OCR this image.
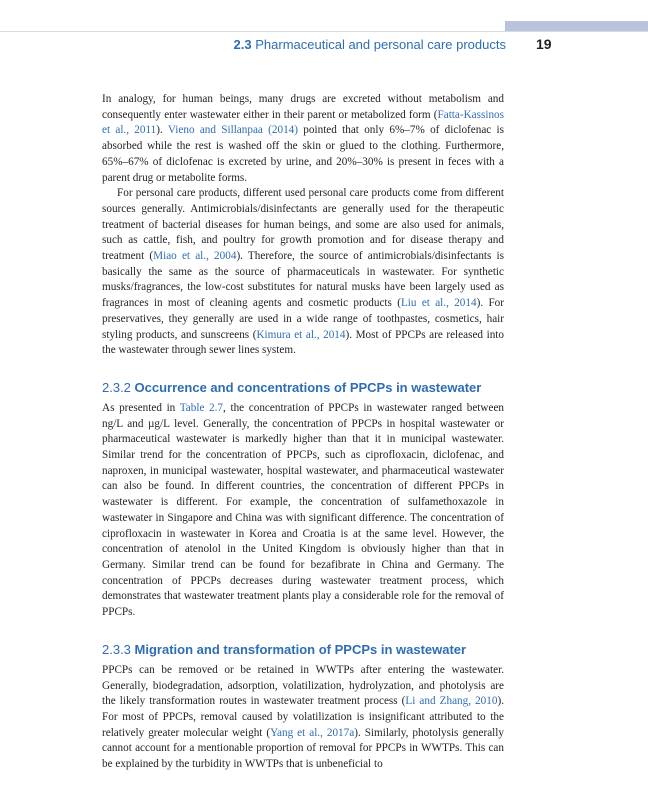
2.3 Pharmaceutical and personal care products 19

In analogy, for human beings, many drugs are excreted without metabolism and consequently enter wastewater either in their parent or metabolized form (Fatta-Kassinos et al., 2011). Vieno and Sillanpaa (2014) pointed that only 6%–7% of diclofenac is absorbed while the rest is washed off the skin or glued to the clothing. Furthermore, 65%–67% of diclofenac is excreted by urine, and 20%–30% is present in feces with a parent drug or metabolite forms.

For personal care products, different used personal care products come from different sources generally. Antimicrobials/disinfectants are generally used for the therapeutic treatment of bacterial diseases for human beings, and some are also used for animals, such as cattle, fish, and poultry for growth promotion and for disease therapy and treatment (Miao et al., 2004). Therefore, the source of antimicrobials/disinfectants is basically the same as the source of pharmaceuticals in wastewater. For synthetic musks/fragrances, the low-cost substitutes for natural musks have been largely used as fragrances in most of cleaning agents and cosmetic products (Liu et al., 2014). For preservatives, they generally are used in a wide range of toothpastes, cosmetics, hair styling products, and sunscreens (Kimura et al., 2014). Most of PPCPs are released into the wastewater through sewer lines system.

2.3.2 Occurrence and concentrations of PPCPs in wastewater

As presented in Table 2.7, the concentration of PPCPs in wastewater ranged between ng/L and µg/L level. Generally, the concentration of PPCPs in hospital wastewater or pharmaceutical wastewater is markedly higher than that it in municipal wastewater. Similar trend for the concentration of PPCPs, such as ciprofloxacin, diclofenac, and naproxen, in municipal wastewater, hospital wastewater, and pharmaceutical wastewater can also be found. In different countries, the concentration of different PPCPs in wastewater is different. For example, the concentration of sulfamethoxazole in wastewater in Singapore and China was with significant difference. The concentration of ciprofloxacin in wastewater in Korea and Croatia is at the same level. However, the concentration of atenolol in the United Kingdom is obviously higher than that in Germany. Similar trend can be found for bezafibrate in China and Germany. The concentration of PPCPs decreases during wastewater treatment process, which demonstrates that wastewater treatment plants play a considerable role for the removal of PPCPs.

2.3.3 Migration and transformation of PPCPs in wastewater

PPCPs can be removed or be retained in WWTPs after entering the wastewater. Generally, biodegradation, adsorption, volatilization, hydrolyzation, and photolysis are the likely transformation routes in wastewater treatment process (Li and Zhang, 2010). For most of PPCPs, removal caused by volatilization is insignificant attributed to the relatively greater molecular weight (Yang et al., 2017a). Similarly, photolysis generally cannot account for a mentionable proportion of removal for PPCPs in WWTPs. This can be explained by the turbidity in WWTPs that is unbeneficial to
